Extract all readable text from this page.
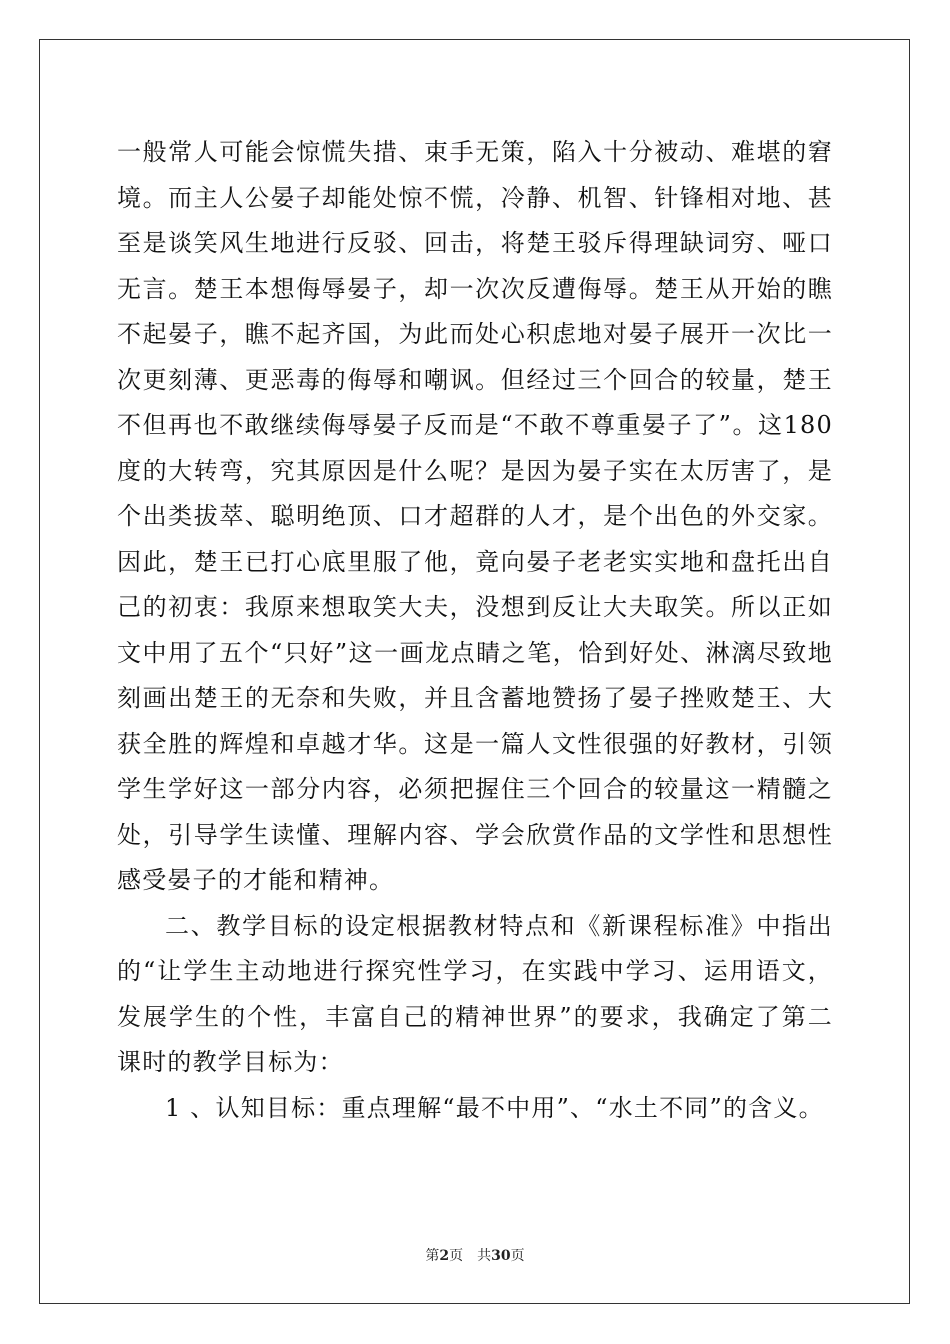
一般常人可能会惊慌失措、束手无策，陷入十分被动、难堪的窘境。而主人公晏子却能处惊不慌，冷静、机智、针锋相对地、甚至是谈笑风生地进行反驳、回击，将楚王驳斥得理缺词穷、哑口无言。楚王本想侮辱晏子，却一次次反遭侮辱。楚王从开始的瞧不起晏子，瞧不起齐国，为此而处心积虑地对晏子展开一次比一次更刻薄、更恶毒的侮辱和嘲讽。但经过三个回合的较量，楚王不但再也不敢继续侮辱晏子反而是“不敢不尊重晏子了”。这180度的大转弯，究其原因是什么呢？是因为晏子实在太厉害了，是个出类拔萃、聪明绝顶、口才超群的人才，是个出色的外交家。因此，楚王已打心底里服了他，竟向晏子老老实实地和盘托出自己的初衷：我原来想取笑大夫，没想到反让大夫取笑。所以正如文中用了五个“只好”这一画龙点睛之笔，恰到好处、淋漓尽致地刻画出楚王的无奈和失败，并且含蓄地赞扬了晏子挫败楚王、大获全胜的辉煌和卓越才华。这是一篇人文性很强的好教材，引领学生学好这一部分内容，必须把握住三个回合的较量这一精髓之处，引导学生读懂、理解内容、学会欣赏作品的文学性和思想性感受晏子的才能和精神。

二、教学目标的设定根据教材特点和《新课程标准》中指出的“让学生主动地进行探究性学习，在实践中学习、运用语文，发展学生的个性，丰富自己的精神世界”的要求，我确定了第二课时的教学目标为：

1 、认知目标：重点理解“最不中用”、“水土不同”的含义。

第2页 共30页
